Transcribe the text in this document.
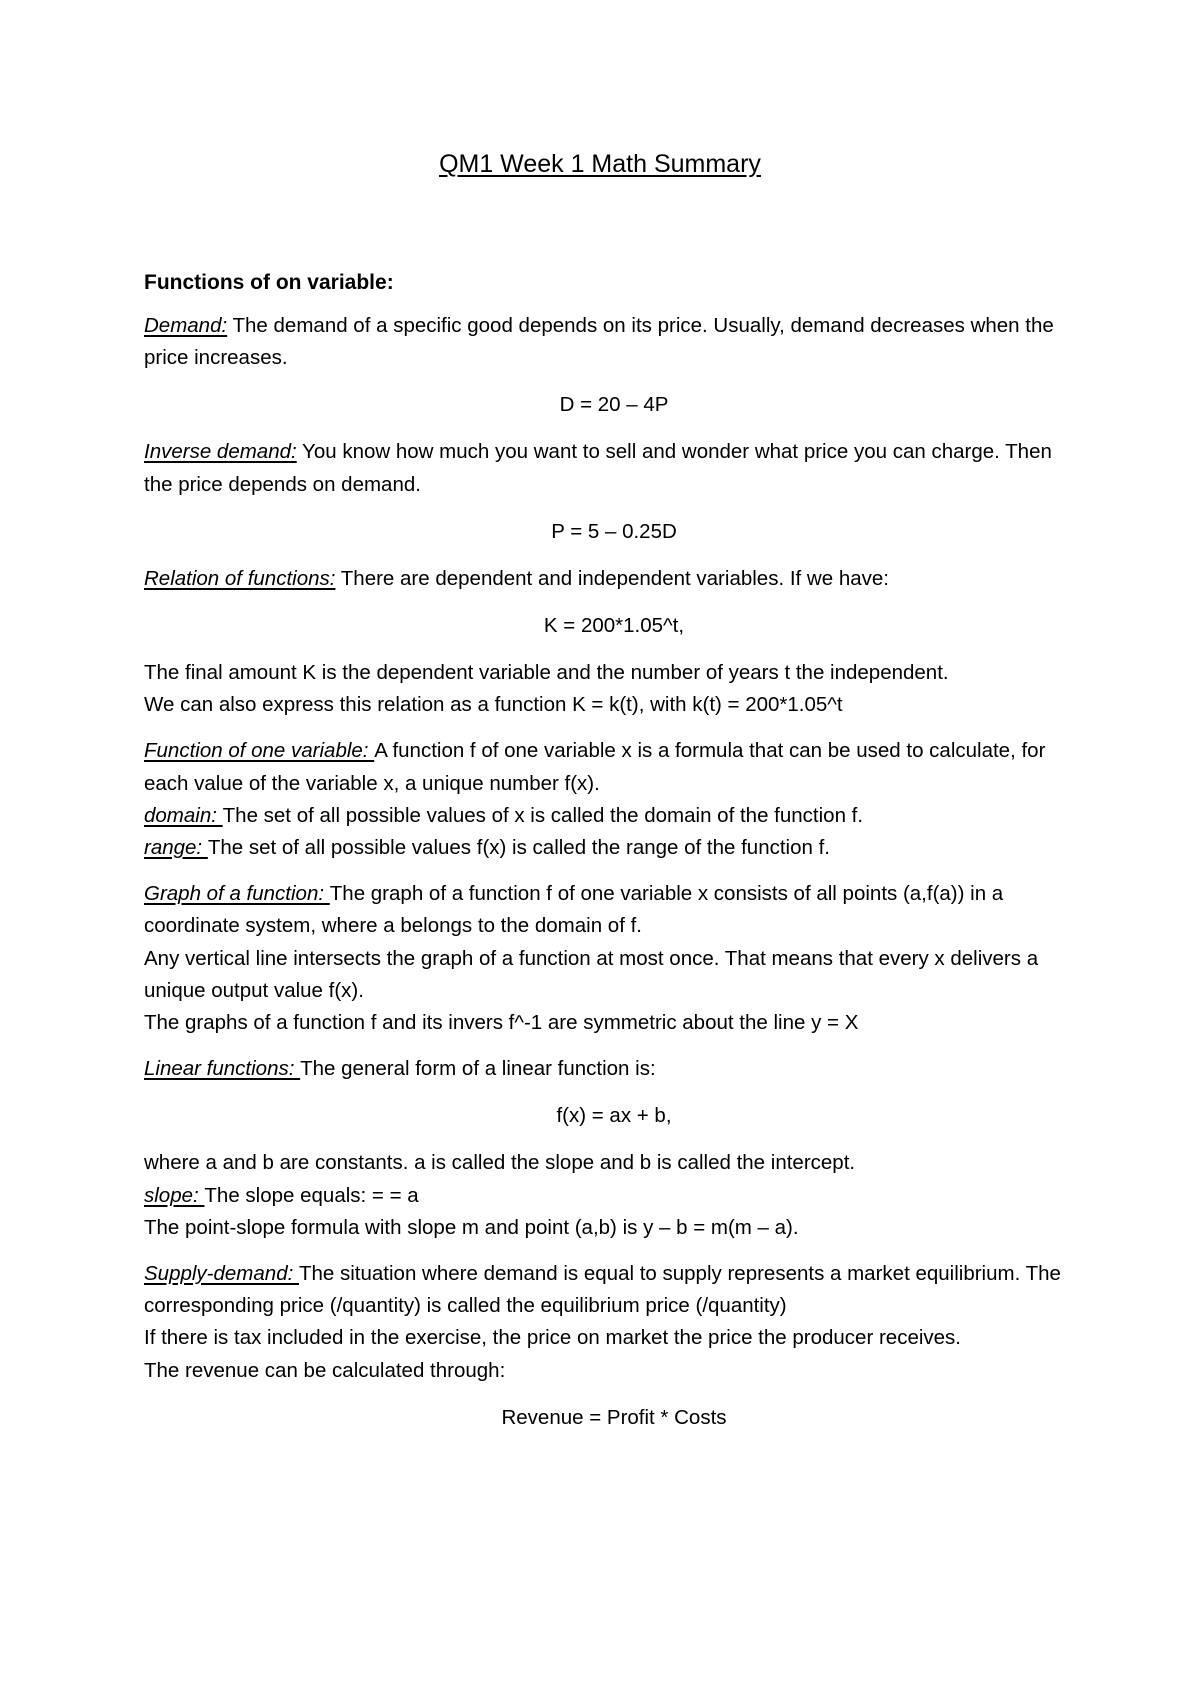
QM1 Week 1 Math Summary
Functions of on variable:

Demand: The demand of a specific good depends on its price. Usually, demand decreases when the price increases.

D = 20 – 4P

Inverse demand: You know how much you want to sell and wonder what price you can charge. Then the price depends on demand.

P = 5 – 0.25D

Relation of functions: There are dependent and independent variables. If we have:

K = 200*1.05^t,

The final amount K is the dependent variable and the number of years t the independent.
We can also express this relation as a function K = k(t), with k(t) = 200*1.05^t

Function of one variable: A function f of one variable x is a formula that can be used to calculate, for each value of the variable x, a unique number f(x).
domain: The set of all possible values of x is called the domain of the function f.
range: The set of all possible values f(x) is called the range of the function f.

Graph of a function: The graph of a function f of one variable x consists of all points (a,f(a)) in a coordinate system, where a belongs to the domain of f.
Any vertical line intersects the graph of a function at most once. That means that every x delivers a unique output value f(x).
The graphs of a function f and its invers f^-1 are symmetric about the line y = X

Linear functions: The general form of a linear function is:

f(x) = ax + b,

where a and b are constants. a is called the slope and b is called the intercept.
slope: The slope equals: = = a
The point-slope formula with slope m and point (a,b) is y – b = m(m – a).

Supply-demand: The situation where demand is equal to supply represents a market equilibrium. The corresponding price (/quantity) is called the equilibrium price (/quantity)
If there is tax included in the exercise, the price on market the price the producer receives.
The revenue can be calculated through:

Revenue = Profit * Costs
